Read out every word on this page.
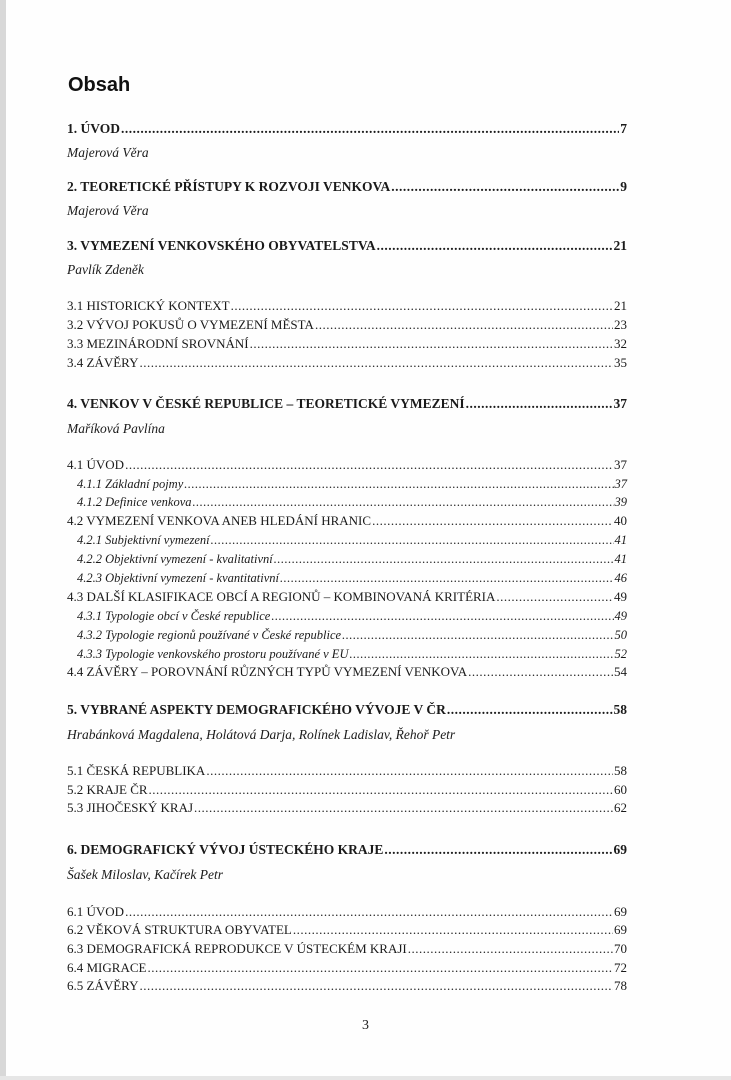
Obsah
1. ÚVOD .....	7
Majerová Věra
2. TEORETICKÉ PŘÍSTUPY K ROZVOJI VENKOVA .....	9
Majerová Věra
3. VYMEZENÍ VENKOVSKÉHO OBYVATELSTVA .....	21
Pavlík Zdeněk
3.1 HISTORICKÝ KONTEXT .....	21
3.2 VÝVOJ POKUSŮ O VYMEZENÍ MĚSTA .....	23
3.3 MEZINÁRODNÍ SROVNÁNÍ .....	32
3.4 ZÁVĚRY .....	35
4. VENKOV V ČESKÉ REPUBLICE – TEORETICKÉ VYMEZENÍ .....	37
Maříková Pavlína
4.1 ÚVOD .....	37
4.1.1 Základní pojmy .....	37
4.1.2 Definice venkova .....	39
4.2 VYMEZENÍ VENKOVA ANEB HLEDÁNÍ HRANIC .....	40
4.2.1 Subjektivní vymezení .....	41
4.2.2 Objektivní vymezení - kvalitativní .....	41
4.2.3 Objektivní vymezení - kvantitativní .....	46
4.3 DALŠÍ KLASIFIKACE OBCÍ A REGIONŮ – KOMBINOVANÁ KRITÉRIA .....	49
4.3.1 Typologie obcí v České republice .....	49
4.3.2 Typologie regionů používané v České republice .....	50
4.3.3 Typologie venkovského prostoru používané v EU .....	52
4.4 ZÁVĚRY – POROVNÁNÍ RŮZNÝCH TYPŮ VYMEZENÍ VENKOVA .....	54
5. VYBRANÉ ASPEKTY DEMOGRAFICKÉHO VÝVOJE V ČR .....	58
Hrabánková Magdalena, Holátová Darja, Rolínek Ladislav, Řehoř Petr
5.1 ČESKÁ REPUBLIKA .....	58
5.2 KRAJE ČR .....	60
5.3 JIHOČESKÝ KRAJ .....	62
6. DEMOGRAFICKÝ VÝVOJ ÚSTECKÉHO KRAJE .....	69
Šašek Miloslav, Kačírek Petr
6.1 ÚVOD .....	69
6.2 VĚKOVÁ STRUKTURA OBYVATEL .....	69
6.3 DEMOGRAFICKÁ REPRODUKCE V ÚSTECKÉM KRAJI .....	70
6.4 MIGRACE .....	72
6.5 ZÁVĚRY .....	78
3
